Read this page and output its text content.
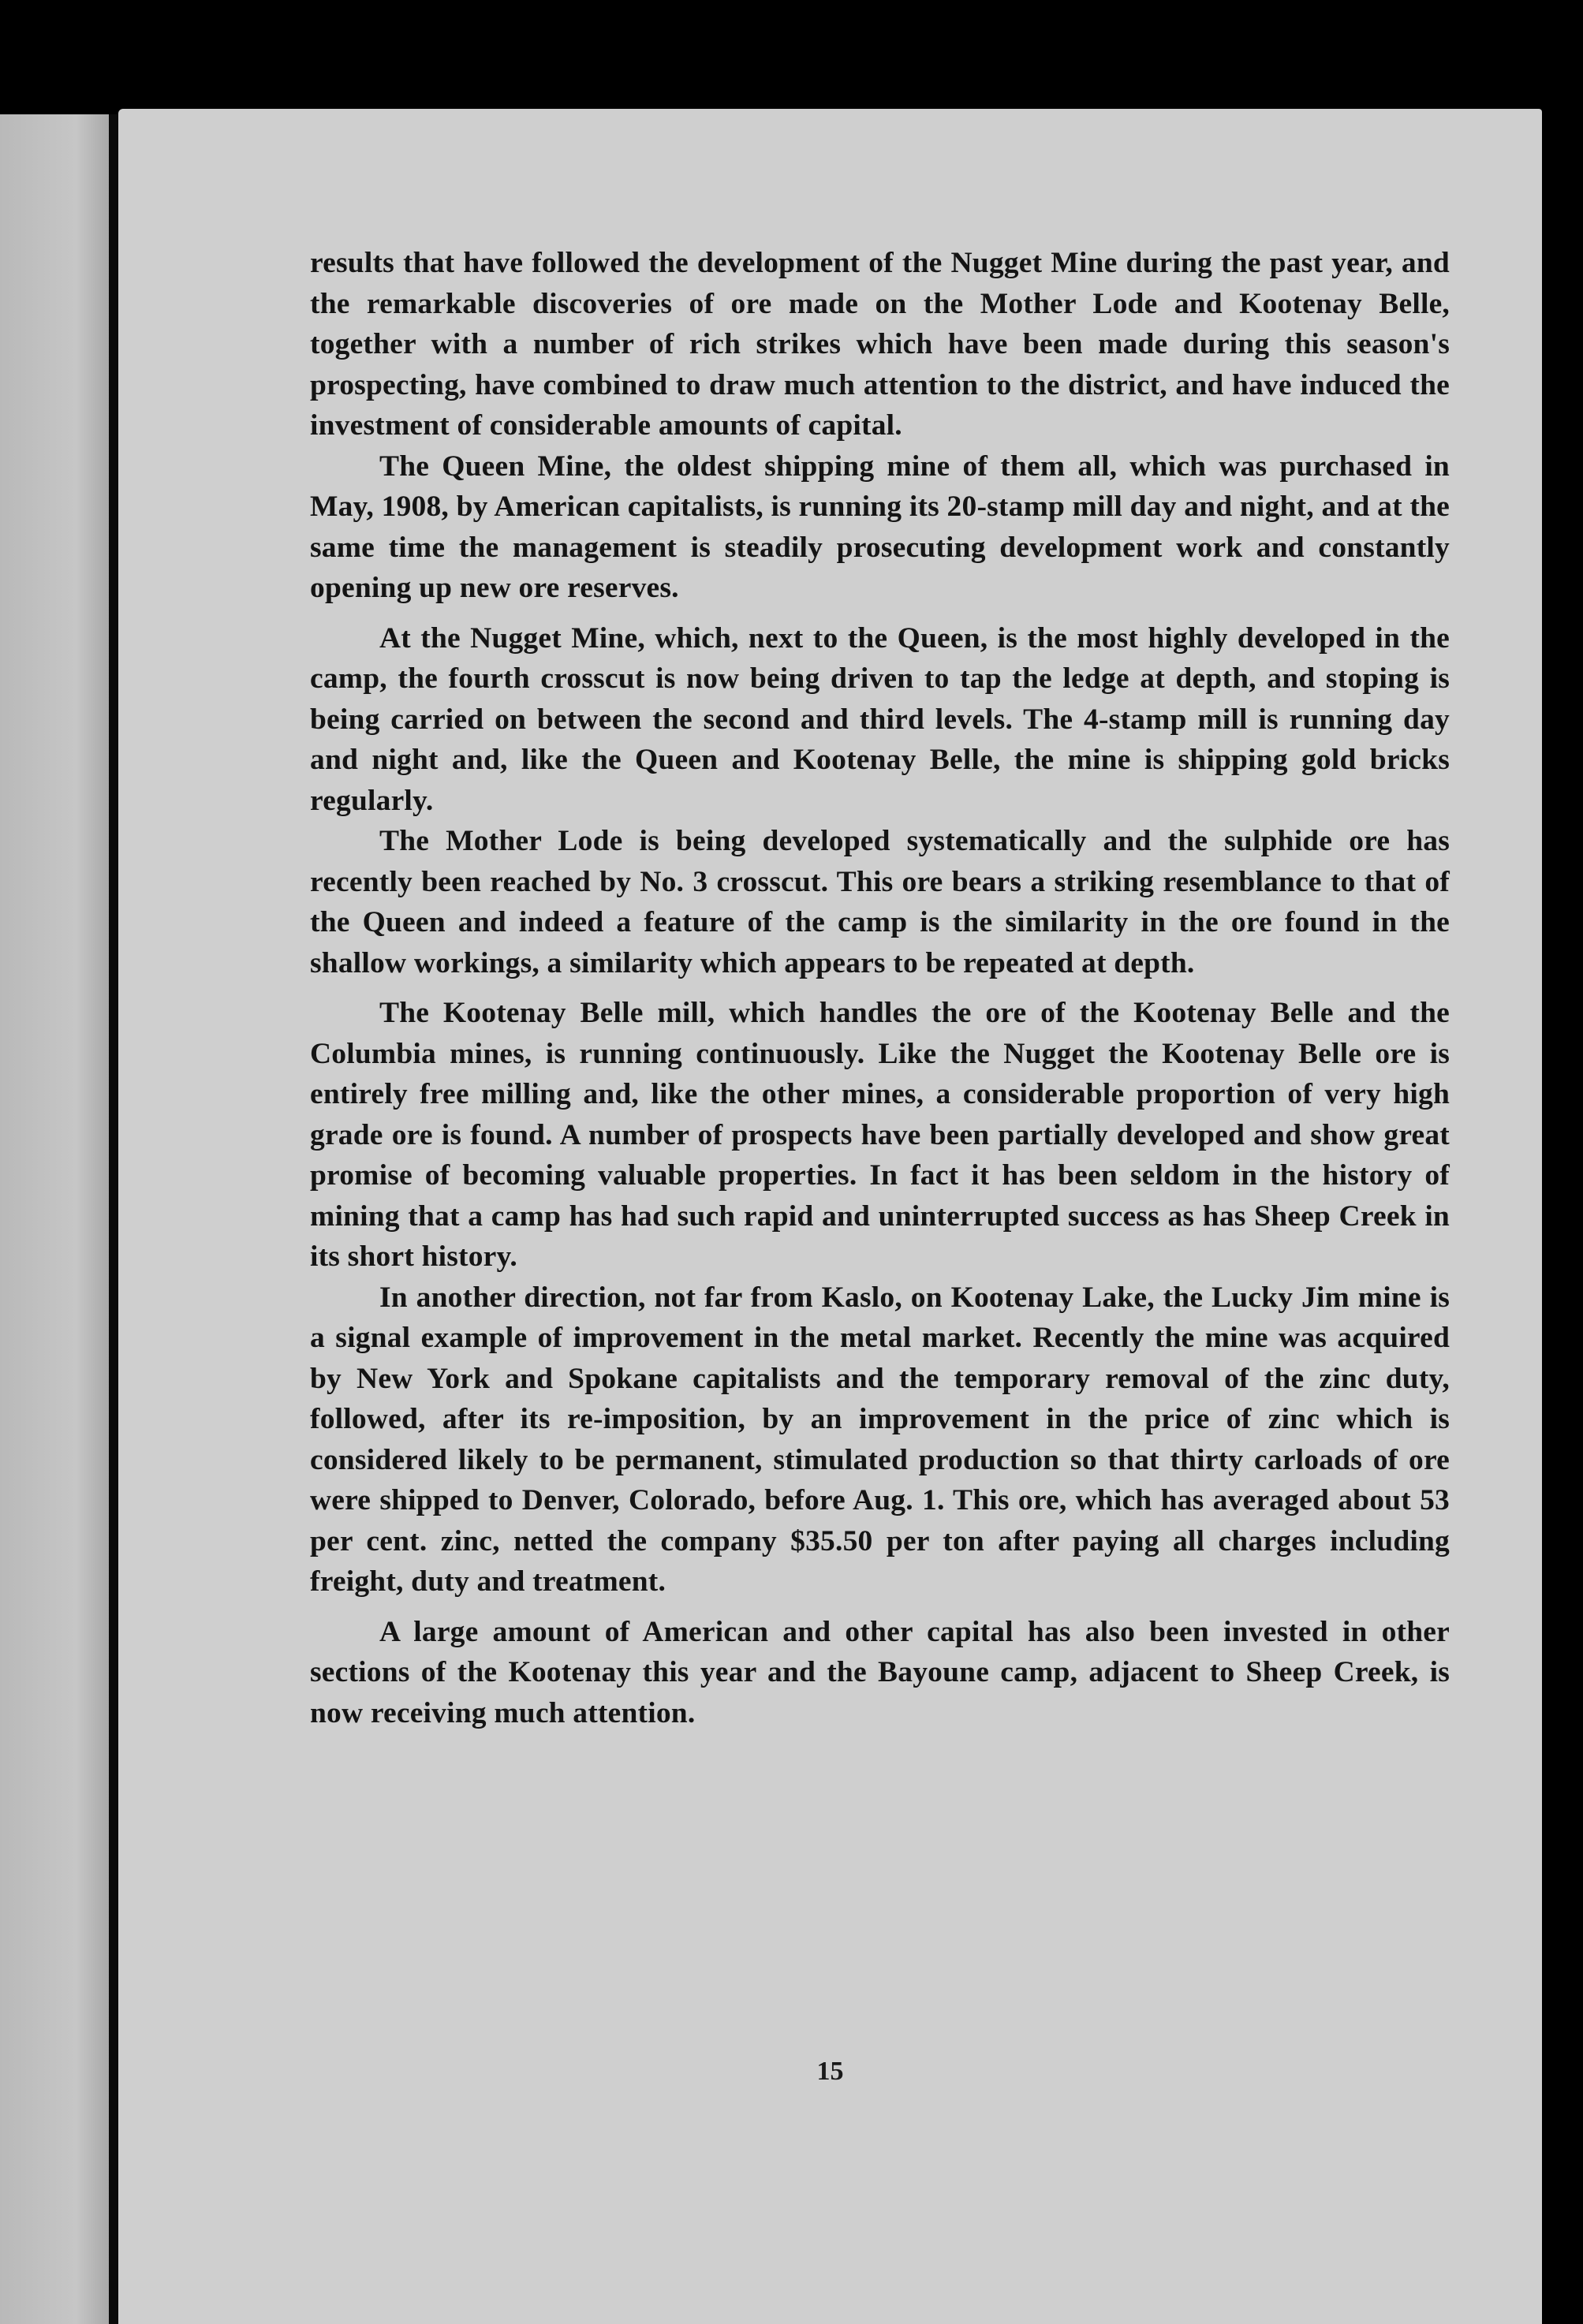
results that have followed the development of the Nugget Mine during the past year, and the remarkable discoveries of ore made on the Mother Lode and Kootenay Belle, together with a number of rich strikes which have been made during this season's prospecting, have combined to draw much attention to the district, and have induced the investment of considerable amounts of capital.

The Queen Mine, the oldest shipping mine of them all, which was purchased in May, 1908, by American capitalists, is running its 20-stamp mill day and night, and at the same time the management is steadily prosecuting development work and constantly opening up new ore reserves.

At the Nugget Mine, which, next to the Queen, is the most highly developed in the camp, the fourth crosscut is now being driven to tap the ledge at depth, and stoping is being carried on between the second and third levels. The 4-stamp mill is running day and night and, like the Queen and Kootenay Belle, the mine is shipping gold bricks regularly.

The Mother Lode is being developed systematically and the sulphide ore has recently been reached by No. 3 crosscut. This ore bears a striking resemblance to that of the Queen and indeed a feature of the camp is the similarity in the ore found in the shallow workings, a similarity which appears to be repeated at depth.

The Kootenay Belle mill, which handles the ore of the Kootenay Belle and the Columbia mines, is running continuously. Like the Nugget the Kootenay Belle ore is entirely free milling and, like the other mines, a considerable proportion of very high grade ore is found. A number of prospects have been partially developed and show great promise of becoming valuable properties. In fact it has been seldom in the history of mining that a camp has had such rapid and uninterrupted success as has Sheep Creek in its short history.

In another direction, not far from Kaslo, on Kootenay Lake, the Lucky Jim mine is a signal example of improvement in the metal market. Recently the mine was acquired by New York and Spokane capitalists and the temporary removal of the zinc duty, followed, after its re-imposition, by an improvement in the price of zinc which is considered likely to be permanent, stimulated production so that thirty carloads of ore were shipped to Denver, Colorado, before Aug. 1. This ore, which has averaged about 53 per cent. zinc, netted the company $35.50 per ton after paying all charges including freight, duty and treatment.

A large amount of American and other capital has also been invested in other sections of the Kootenay this year and the Bayoune camp, adjacent to Sheep Creek, is now receiving much attention.

15
